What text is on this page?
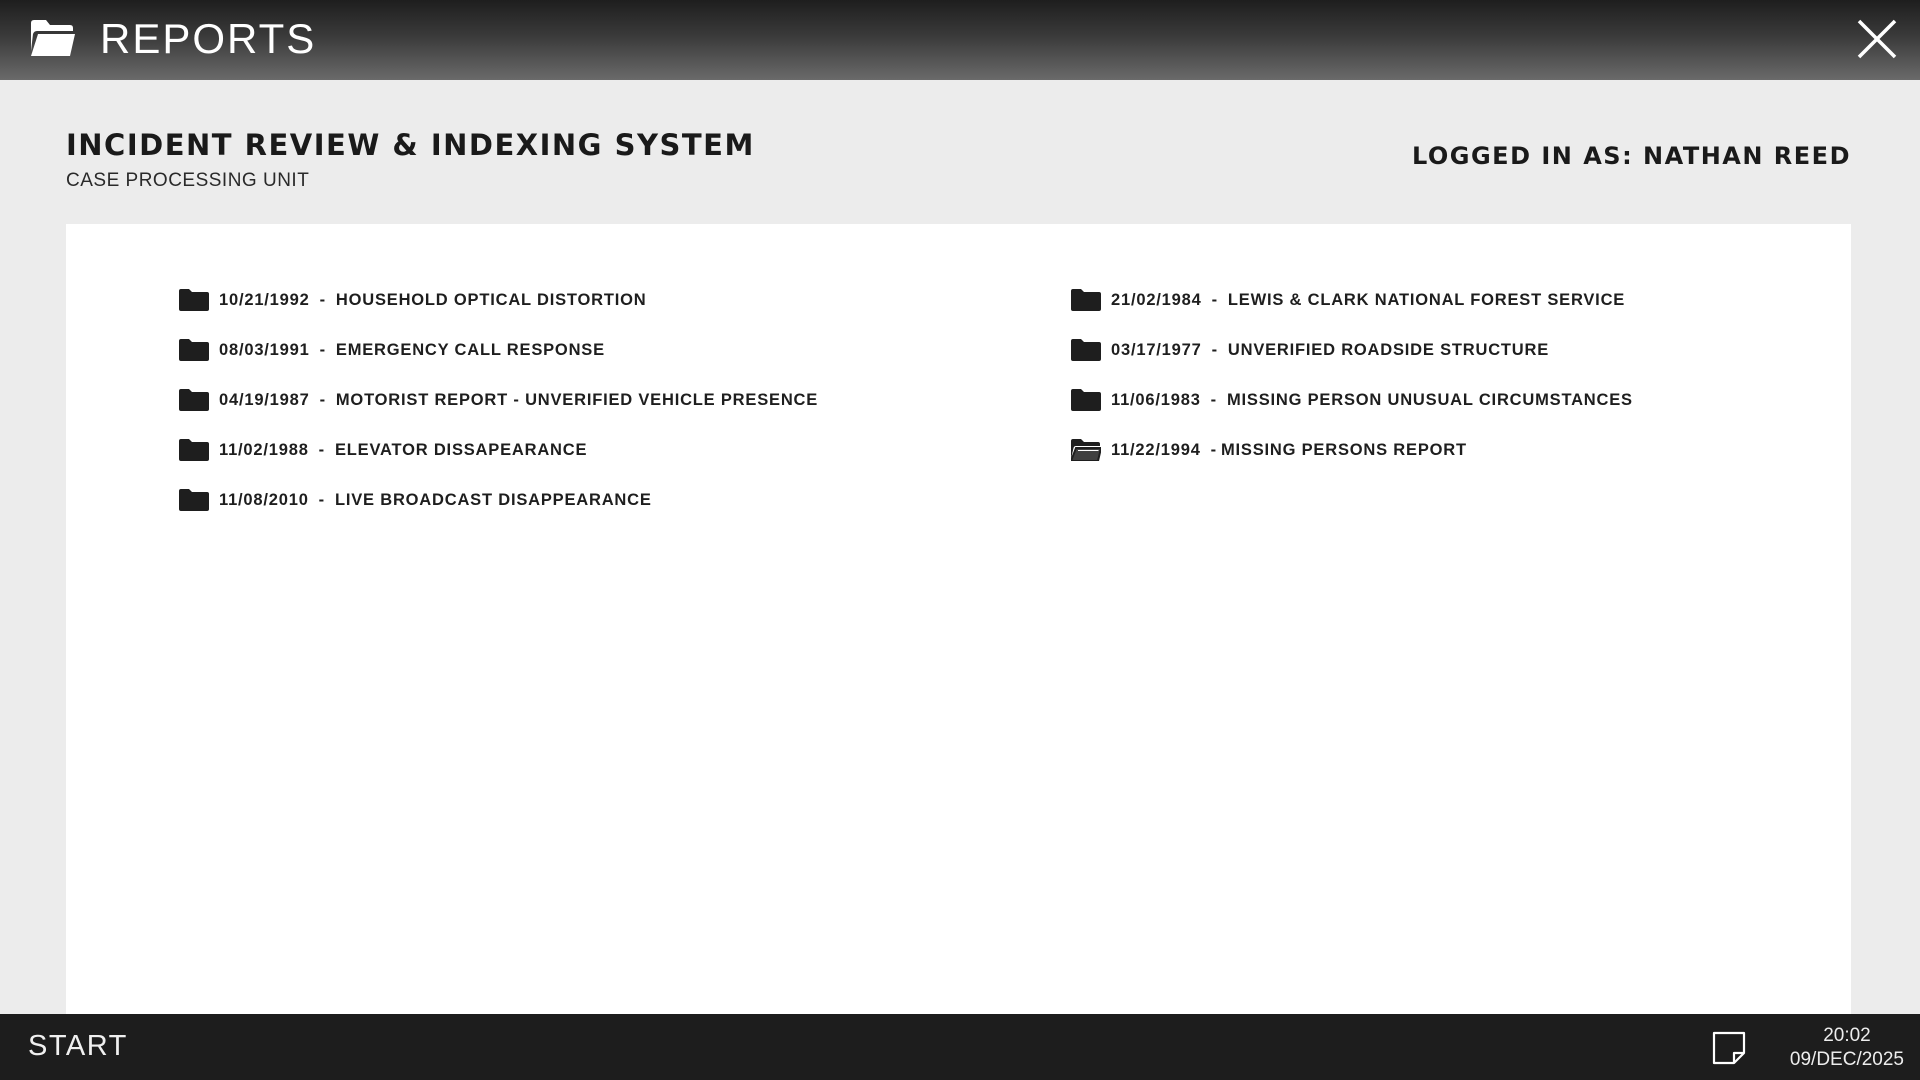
REPORTS
INCIDENT REVIEW & INDEXING SYSTEM
CASE PROCESSING UNIT
LOGGED IN AS: NATHAN REED
10/21/1992 - HOUSEHOLD OPTICAL DISTORTION
08/03/1991 - EMERGENCY CALL RESPONSE
04/19/1987 - MOTORIST REPORT - UNVERIFIED VEHICLE PRESENCE
11/02/1988 - ELEVATOR DISSAPEARANCE
11/08/2010 - LIVE BROADCAST DISAPPEARANCE
21/02/1984 - LEWIS & CLARK NATIONAL FOREST SERVICE
03/17/1977 - UNVERIFIED ROADSIDE STRUCTURE
11/06/1983 - MISSING PERSON UNUSUAL CIRCUMSTANCES
11/22/1994 - MISSING PERSONS REPORT
START	20:02
09/DEC/2025
